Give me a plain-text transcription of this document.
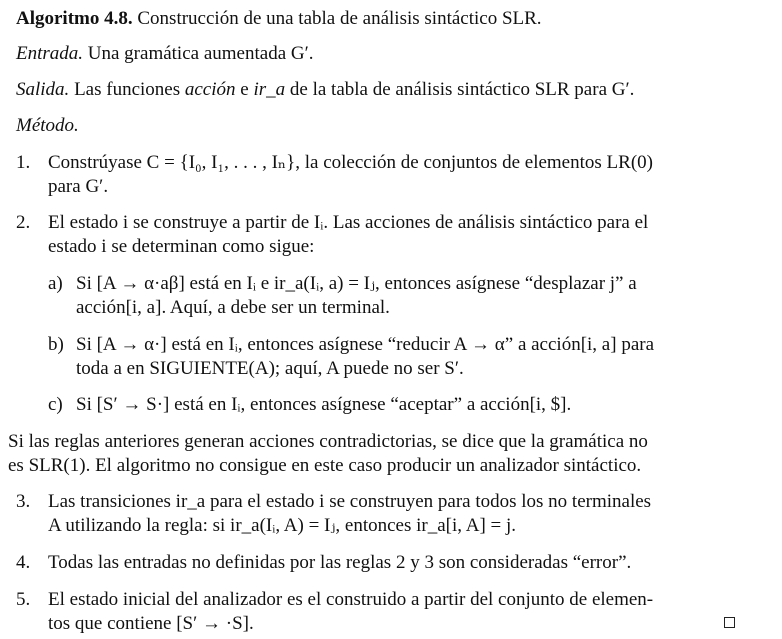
Algoritmo 4.8. Construcción de una tabla de análisis sintáctico SLR.
Entrada. Una gramática aumentada G′.
Salida. Las funciones acción e ir_a de la tabla de análisis sintáctico SLR para G′.
Método.
1. Constrúyase C = {I₀, I₁, . . . , Iₙ}, la colección de conjuntos de elementos LR(0)
para G′.
2. El estado i se construye a partir de Iᵢ. Las acciones de análisis sintáctico para el
estado i se determinan como sigue:
a) Si [A → α·aβ] está en Iᵢ e ir_a(Iᵢ, a) = Iⱼ, entonces asígnese “desplazar j” a
acción[i, a]. Aquí, a debe ser un terminal.
b) Si [A → α·] está en Iᵢ, entonces asígnese “reducir A → α” a acción[i, a] para
toda a en SIGUIENTE(A); aquí, A puede no ser S′.
c) Si [S′ → S·] está en Iᵢ, entonces asígnese “aceptar” a acción[i, $].
Si las reglas anteriores generan acciones contradictorias, se dice que la gramática no
es SLR(1). El algoritmo no consigue en este caso producir un analizador sintáctico.
3. Las transiciones ir_a para el estado i se construyen para todos los no terminales
A utilizando la regla: si ir_a(Iᵢ, A) = Iⱼ, entonces ir_a[i, A] = j.
4. Todas las entradas no definidas por las reglas 2 y 3 son consideradas “error”.
5. El estado inicial del analizador es el construido a partir del conjunto de elemen-
tos que contiene [S′ → ·S].
